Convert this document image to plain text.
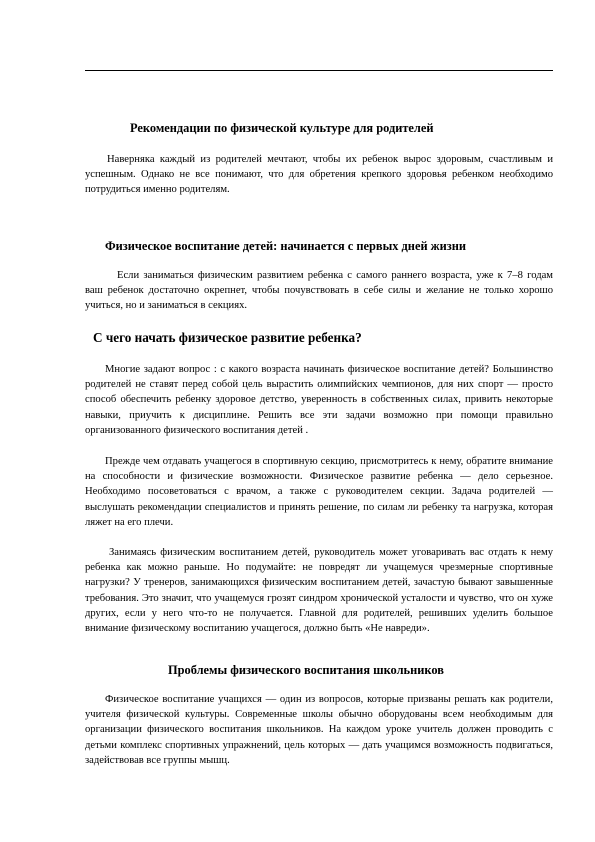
Рекомендации по физической культуре для родителей

Наверняка каждый из родителей мечтают, чтобы их ребенок вырос здоровым, счастливым и успешным. Однако не все понимают, что для обретения крепкого здоровья ребенком необходимо потрудиться именно родителям.

Физическое воспитание детей: начинается с первых дней жизни

Если заниматься физическим развитием ребенка с самого раннего возраста, уже к 7–8 годам ваш ребенок достаточно окрепнет, чтобы почувствовать в себе силы и желание не только хорошо учиться, но и заниматься в секциях.

С чего начать физическое развитие ребенка?

Многие задают вопрос : с какого возраста начинать физическое воспитание детей? Большинство родителей не ставят перед собой цель вырастить олимпийских чемпионов, для них спорт — просто способ обеспечить ребенку здоровое детство, уверенность в собственных силах, привить некоторые навыки, приучить к дисциплине. Решить все эти задачи возможно при помощи правильно организованного физического воспитания детей .

Прежде чем отдавать учащегося в спортивную секцию, присмотритесь к нему, обратите внимание на способности и физические возможности. Физическое развитие ребенка — дело серьезное. Необходимо посоветоваться с врачом, а также с руководителем секции. Задача родителей — выслушать рекомендации специалистов и принять решение, по силам ли ребенку та нагрузка, которая ляжет на его плечи.

Занимаясь физическим воспитанием детей, руководитель может уговаривать вас отдать к нему ребенка как можно раньше. Но подумайте: не повредят ли учащемуся чрезмерные спортивные нагрузки? У тренеров, занимающихся физическим воспитанием детей, зачастую бывают завышенные требования. Это значит, что учащемуся грозят синдром хронической усталости и чувство, что он хуже других, если у него что-то не получается. Главной для родителей, решивших уделить большое внимание физическому воспитанию учащегося, должно быть «Не навреди».

Проблемы физического воспитания школьников

Физическое воспитание учащихся — один из вопросов, которые призваны решать как родители, учителя физической культуры. Современные школы обычно оборудованы всем необходимым для организации физического воспитания школьников. На каждом уроке учитель должен проводить с детьми комплекс спортивных упражнений, цель которых — дать учащимся возможность подвигаться, задействовав все группы мышц.
